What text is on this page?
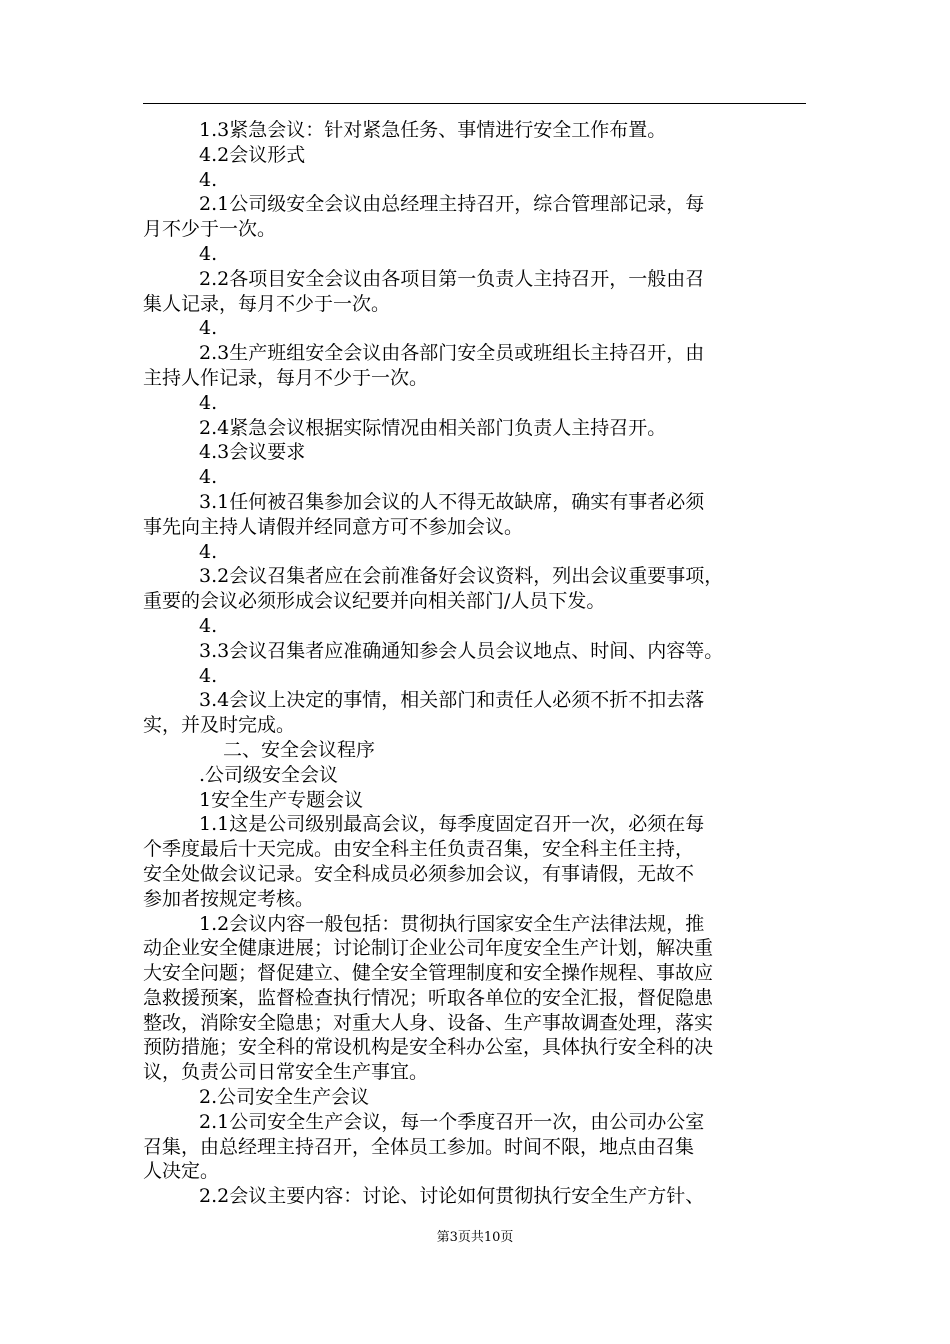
1.3紧急会议：针对紧急任务、事情进行安全工作布置。
4.2会议形式
4.
2.1公司级安全会议由总经理主持召开，综合管理部记录，每
月不少于一次。
4.
2.2各项目安全会议由各项目第一负责人主持召开，一般由召
集人记录，每月不少于一次。
4.
2.3生产班组安全会议由各部门安全员或班组长主持召开，由
主持人作记录，每月不少于一次。
4.
2.4紧急会议根据实际情况由相关部门负责人主持召开。
4.3会议要求
4.
3.1任何被召集参加会议的人不得无故缺席，确实有事者必须
事先向主持人请假并经同意方可不参加会议。
4.
3.2会议召集者应在会前准备好会议资料，列出会议重要事项，
重要的会议必须形成会议纪要并向相关部门/人员下发。
4.
3.3会议召集者应准确通知参会人员会议地点、时间、内容等。
4.
3.4会议上决定的事情，相关部门和责任人必须不折不扣去落
实，并及时完成。
二、安全会议程序
.公司级安全会议
1安全生产专题会议
1.1这是公司级别最高会议，每季度固定召开一次，必须在每
个季度最后十天完成。由安全科主任负责召集，安全科主任主持，
安全处做会议记录。安全科成员必须参加会议，有事请假，无故不
参加者按规定考核。
1.2会议内容一般包括：贯彻执行国家安全生产法律法规，推
动企业安全健康进展；讨论制订企业公司年度安全生产计划，解决重
大安全问题；督促建立、健全安全管理制度和安全操作规程、事故应
急救援预案，监督检查执行情况；听取各单位的安全汇报，督促隐患
整改，消除安全隐患；对重大人身、设备、生产事故调查处理，落实
预防措施；安全科的常设机构是安全科办公室，具体执行安全科的决
议，负责公司日常安全生产事宜。
2.公司安全生产会议
2.1公司安全生产会议，每一个季度召开一次，由公司办公室
召集，由总经理主持召开，全体员工参加。时间不限，地点由召集
人决定。
2.2会议主要内容：讨论、讨论如何贯彻执行安全生产方针、
第3页共10页
